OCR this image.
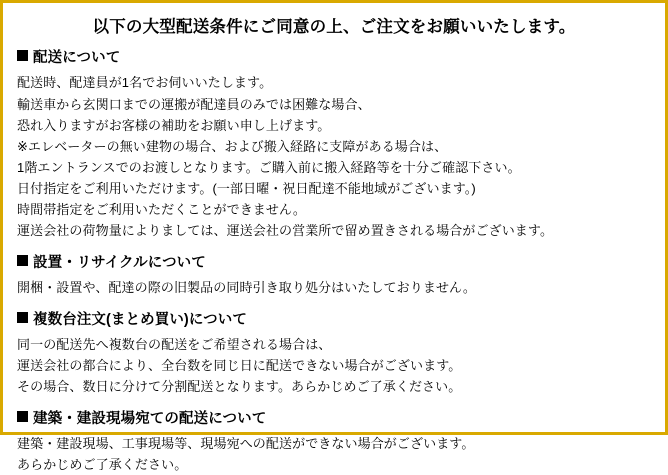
以下の大型配送条件にご同意の上、ご注文をお願いいたします。
配送について
配送時、配達員が1名でお伺いいたします。
輸送車から玄関口までの運搬が配達員のみでは困難な場合、
恐れ入りますがお客様の補助をお願い申し上げます。
※エレベーターの無い建物の場合、および搬入経路に支障がある場合は、
1階エントランスでのお渡しとなります。ご購入前に搬入経路等を十分ご確認下さい。
日付指定をご利用いただけます。(一部日曜・祝日配達不能地域がございます。)
時間帯指定をご利用いただくことができません。
運送会社の荷物量によりましては、運送会社の営業所で留め置きされる場合がございます。
設置・リサイクルについて
開梱・設置や、配達の際の旧製品の同時引き取り処分はいたしておりません。
複数台注文(まとめ買い)について
同一の配送先へ複数台の配送をご希望される場合は、
運送会社の都合により、全台数を同じ日に配送できない場合がございます。
その場合、数日に分けて分割配送となります。あらかじめご了承ください。
建築・建設現場宛ての配送について
建築・建設現場、工事現場等、現場宛への配送ができない場合がございます。
あらかじめご了承ください。
